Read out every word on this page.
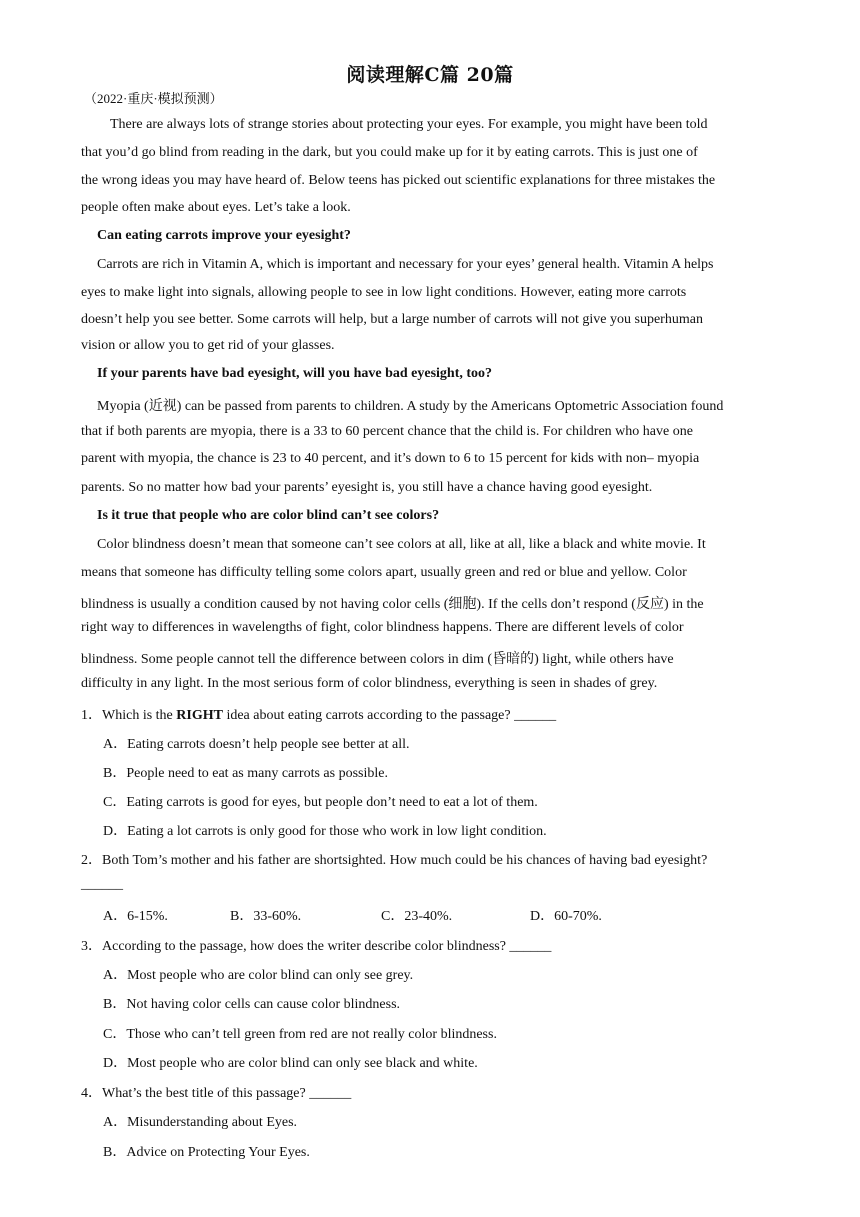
阅读理解C篇 20篇
（2022·重庆·模拟预测）
There are always lots of strange stories about protecting your eyes. For example, you might have been told
that you’d go blind from reading in the dark, but you could make up for it by eating carrots. This is just one of
the wrong ideas you may have heard of. Below teens has picked out scientific explanations for three mistakes the
people often make about eyes. Let’s take a look.
Can eating carrots improve your eyesight?
Carrots are rich in Vitamin A, which is important and necessary for your eyes’ general health. Vitamin A helps
eyes to make light into signals, allowing people to see in low light conditions. However, eating more carrots
doesn’t help you see better. Some carrots will help, but a large number of carrots will not give you superhuman
vision or allow you to get rid of your glasses.
If your parents have bad eyesight, will you have bad eyesight, too?
Myopia (近视) can be passed from parents to children. A study by the Americans Optometric Association found
that if both parents are myopia, there is a 33 to 60 percent chance that the child is. For children who have one
parent with myopia, the chance is 23 to 40 percent, and it’s down to 6 to 15 percent for kids with non– myopia
parents. So no matter how bad your parents’ eyesight is, you still have a chance having good eyesight.
Is it true that people who are color blind can’t see colors?
Color blindness doesn’t mean that someone can’t see colors at all, like at all, like a black and white movie. It
means that someone has difficulty telling some colors apart, usually green and red or blue and yellow. Color
blindness is usually a condition caused by not having color cells (细胞). If the cells don’t respond (反应) in the
right way to differences in wavelengths of fight, color blindness happens. There are different levels of color
blindness. Some people cannot tell the difference between colors in dim (昏暗的) light, while others have
difficulty in any light. In the most serious form of color blindness, everything is seen in shades of grey.
1．Which is the RIGHT idea about eating carrots according to the passage? ______
A．Eating carrots doesn’t help people see better at all.
B．People need to eat as many carrots as possible.
C．Eating carrots is good for eyes, but people don’t need to eat a lot of them.
D．Eating a lot carrots is only good for those who work in low light condition.
2．Both Tom’s mother and his father are shortsighted. How much could be his chances of having bad eyesight?
______
A．6-15%.	B．33-60%.	C．23-40%.	D．60-70%.
3．According to the passage, how does the writer describe color blindness? ______
A．Most people who are color blind can only see grey.
B．Not having color cells can cause color blindness.
C．Those who can’t tell green from red are not really color blindness.
D．Most people who are color blind can only see black and white.
4．What’s the best title of this passage? ______
A．Misunderstanding about Eyes.
B．Advice on Protecting Your Eyes.
